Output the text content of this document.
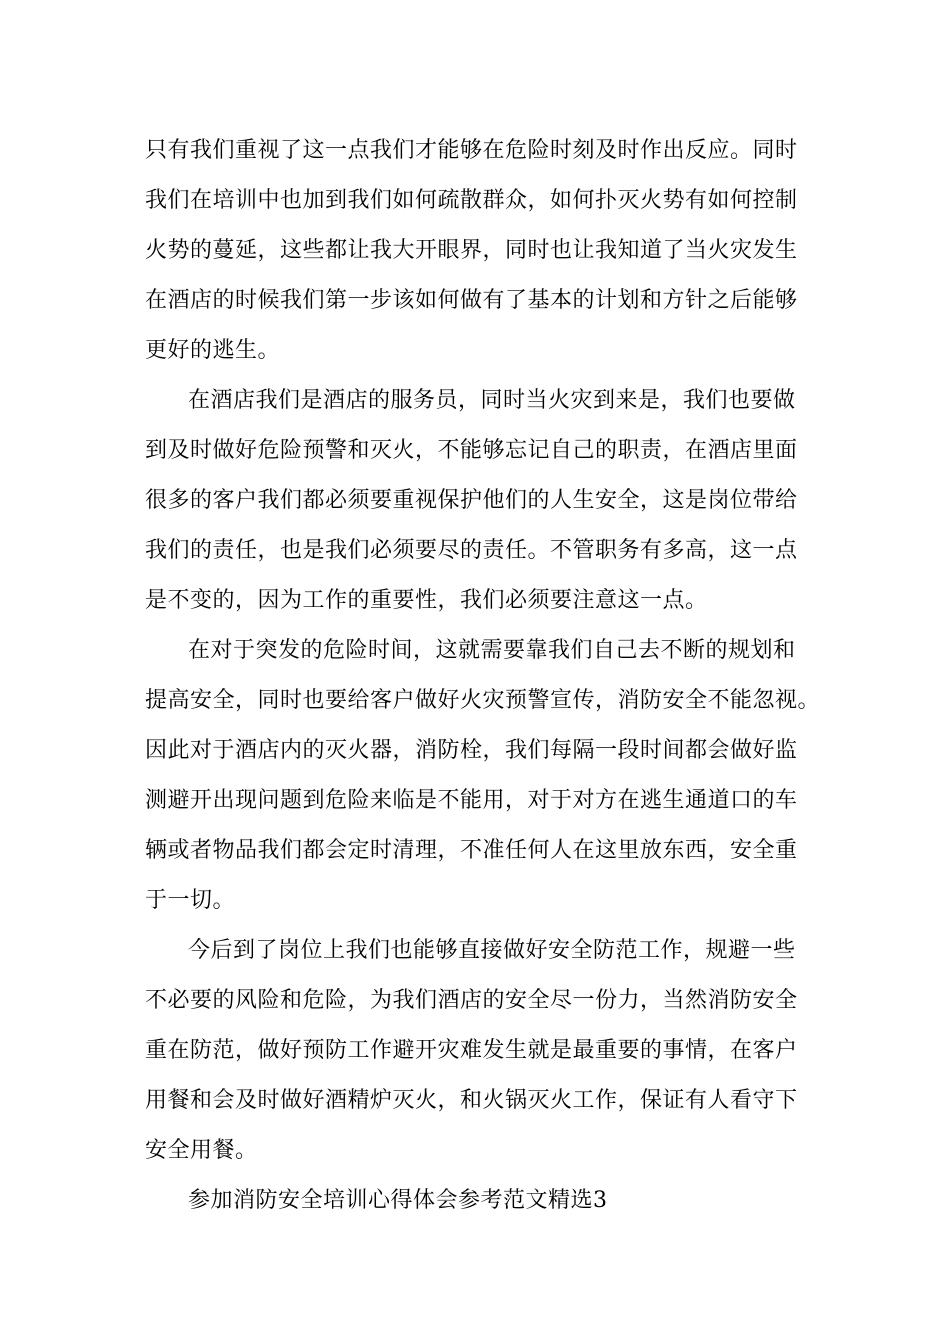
只有我们重视了这一点我们才能够在危险时刻及时作出反应。同时
我们在培训中也加到我们如何疏散群众，如何扑灭火势有如何控制
火势的蔓延，这些都让我大开眼界，同时也让我知道了当火灾发生
在酒店的时候我们第一步该如何做有了基本的计划和方针之后能够
更好的逃生。
在酒店我们是酒店的服务员，同时当火灾到来是，我们也要做
到及时做好危险预警和灭火，不能够忘记自己的职责，在酒店里面
很多的客户我们都必须要重视保护他们的人生安全，这是岗位带给
我们的责任，也是我们必须要尽的责任。不管职务有多高，这一点
是不变的，因为工作的重要性，我们必须要注意这一点。
在对于突发的危险时间，这就需要靠我们自己去不断的规划和
提高安全，同时也要给客户做好火灾预警宣传，消防安全不能忽视。
因此对于酒店内的灭火器，消防栓，我们每隔一段时间都会做好监
测避开出现问题到危险来临是不能用，对于对方在逃生通道口的车
辆或者物品我们都会定时清理，不准任何人在这里放东西，安全重
于一切。
今后到了岗位上我们也能够直接做好安全防范工作，规避一些
不必要的风险和危险，为我们酒店的安全尽一份力，当然消防安全
重在防范，做好预防工作避开灾难发生就是最重要的事情，在客户
用餐和会及时做好酒精炉灭火，和火锅灭火工作，保证有人看守下
安全用餐。
参加消防安全培训心得体会参考范文精选3
